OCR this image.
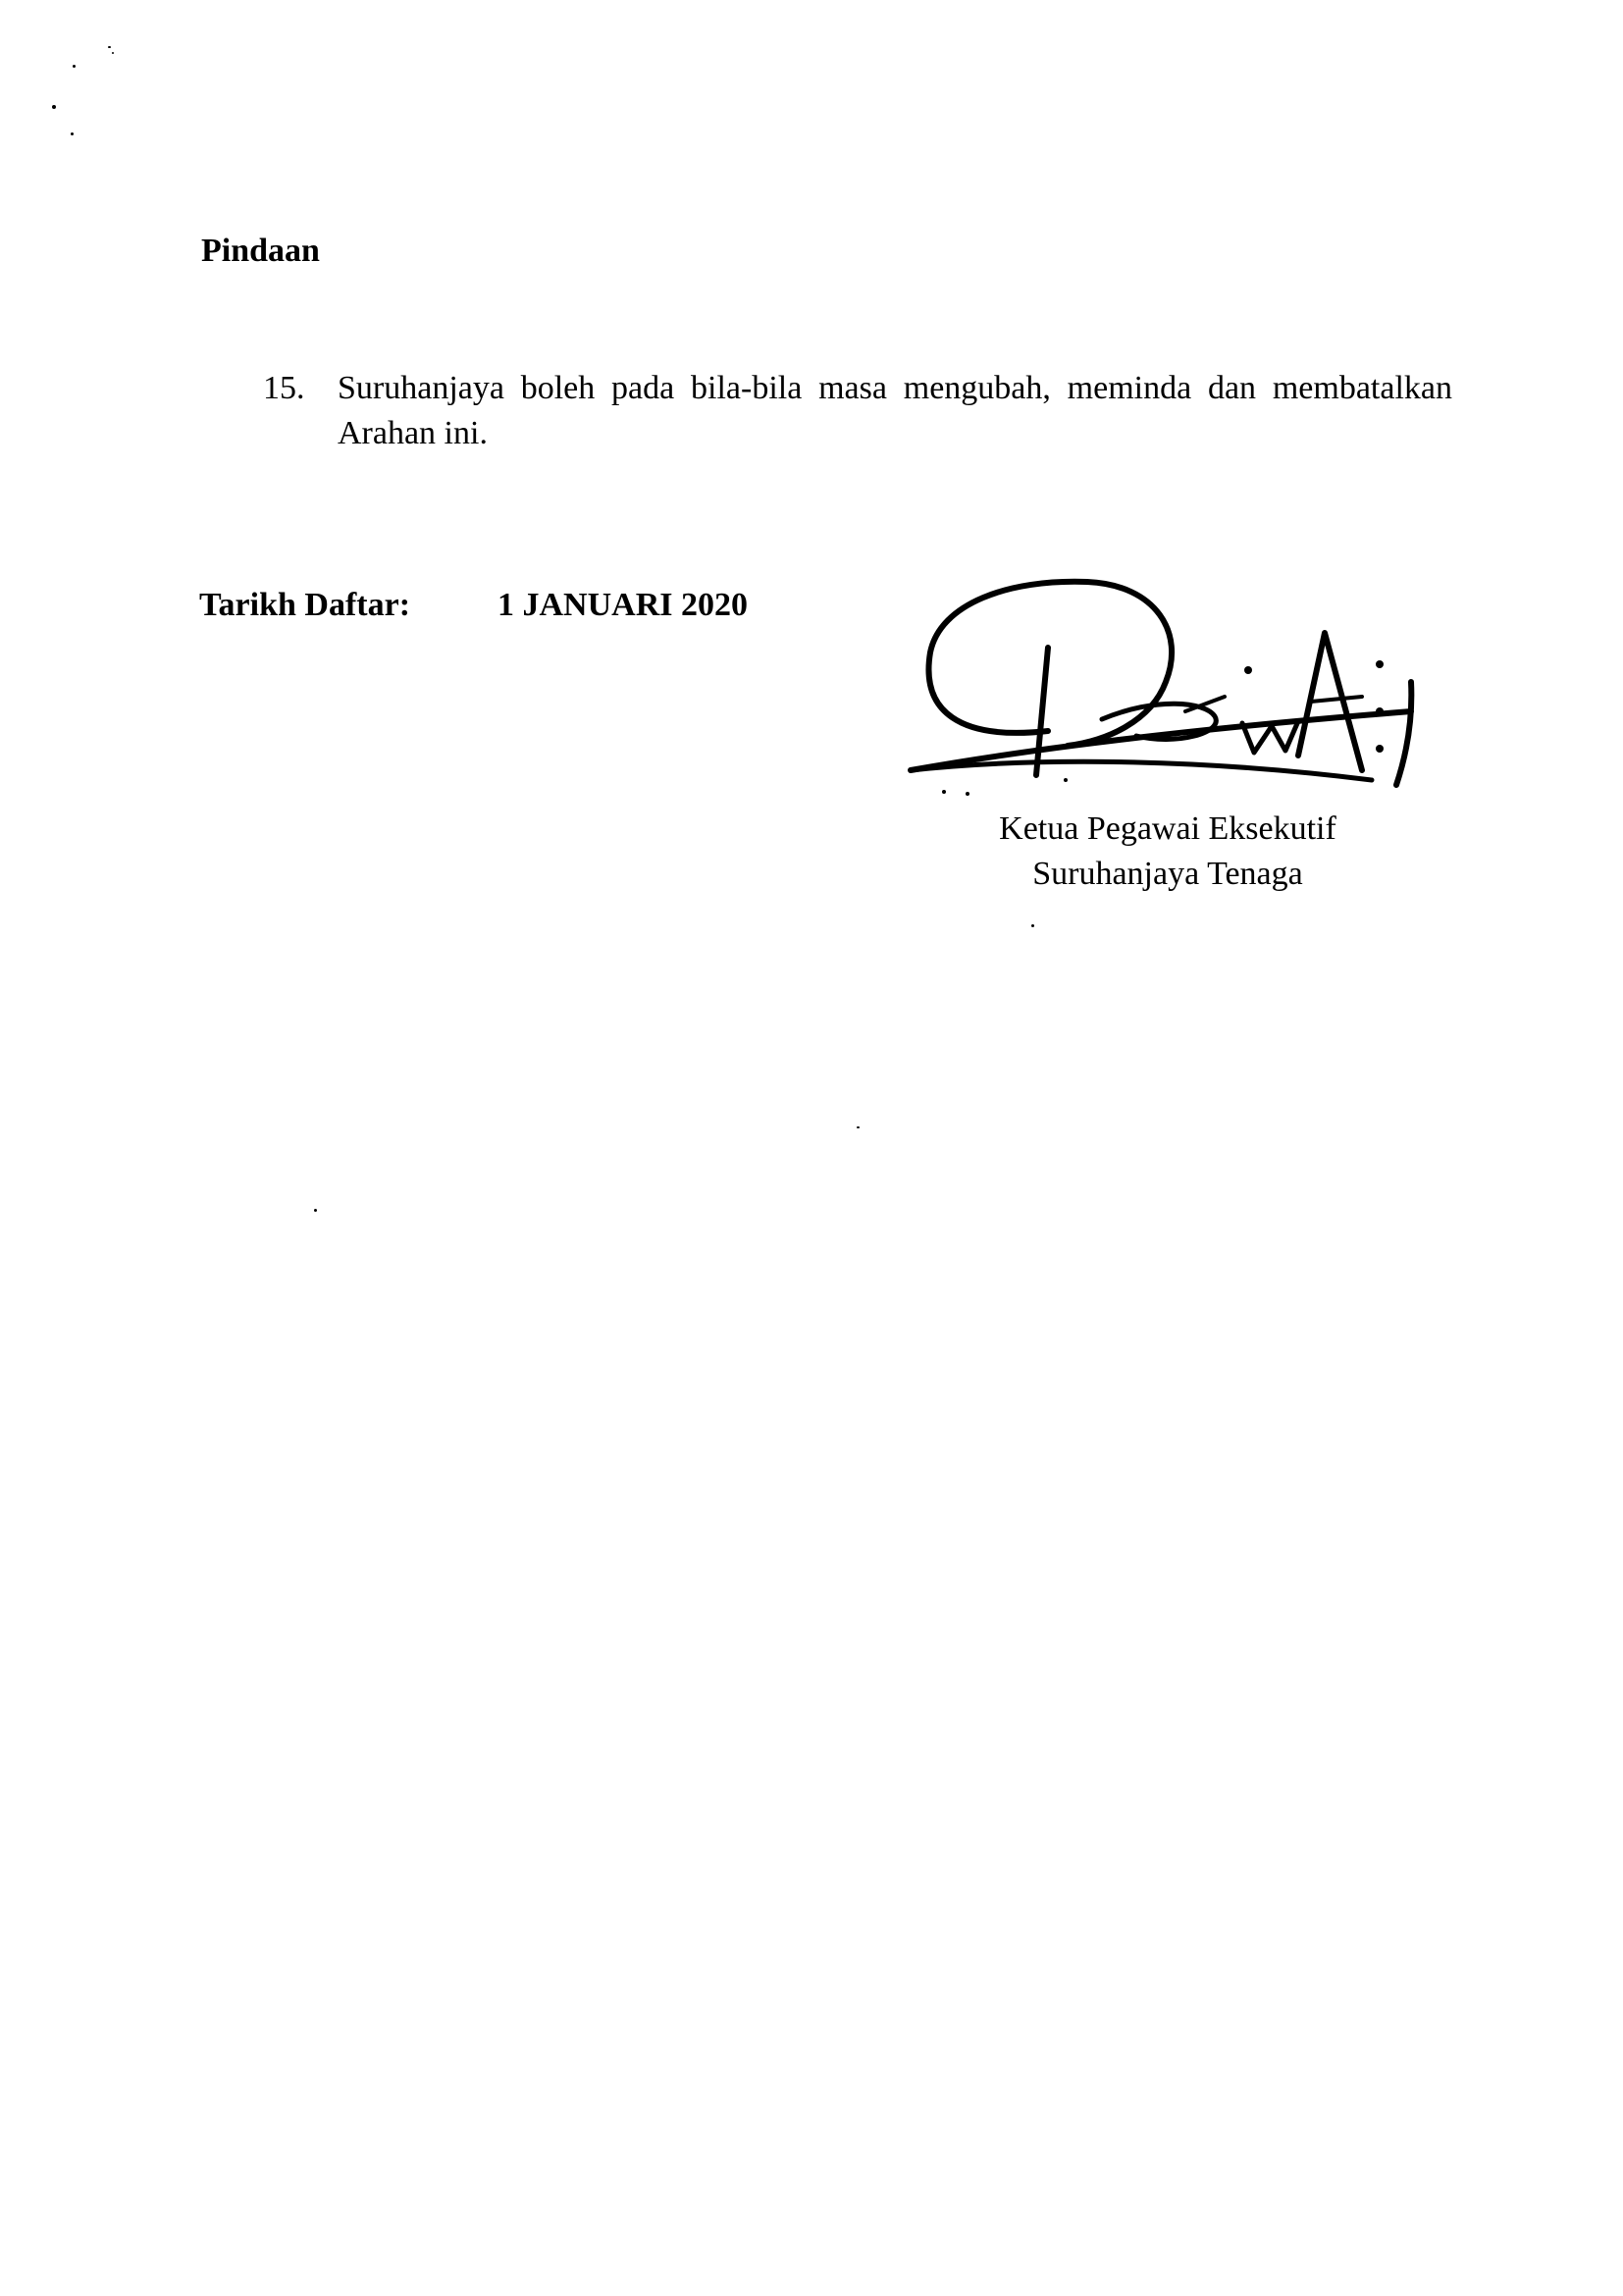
Pindaan
15. Suruhanjaya boleh pada bila-bila masa mengubah, meminda dan membatalkan Arahan ini.
Tarikh Daftar:	1 JANUARI 2020
Ketua Pegawai Eksekutif
Suruhanjaya Tenaga
